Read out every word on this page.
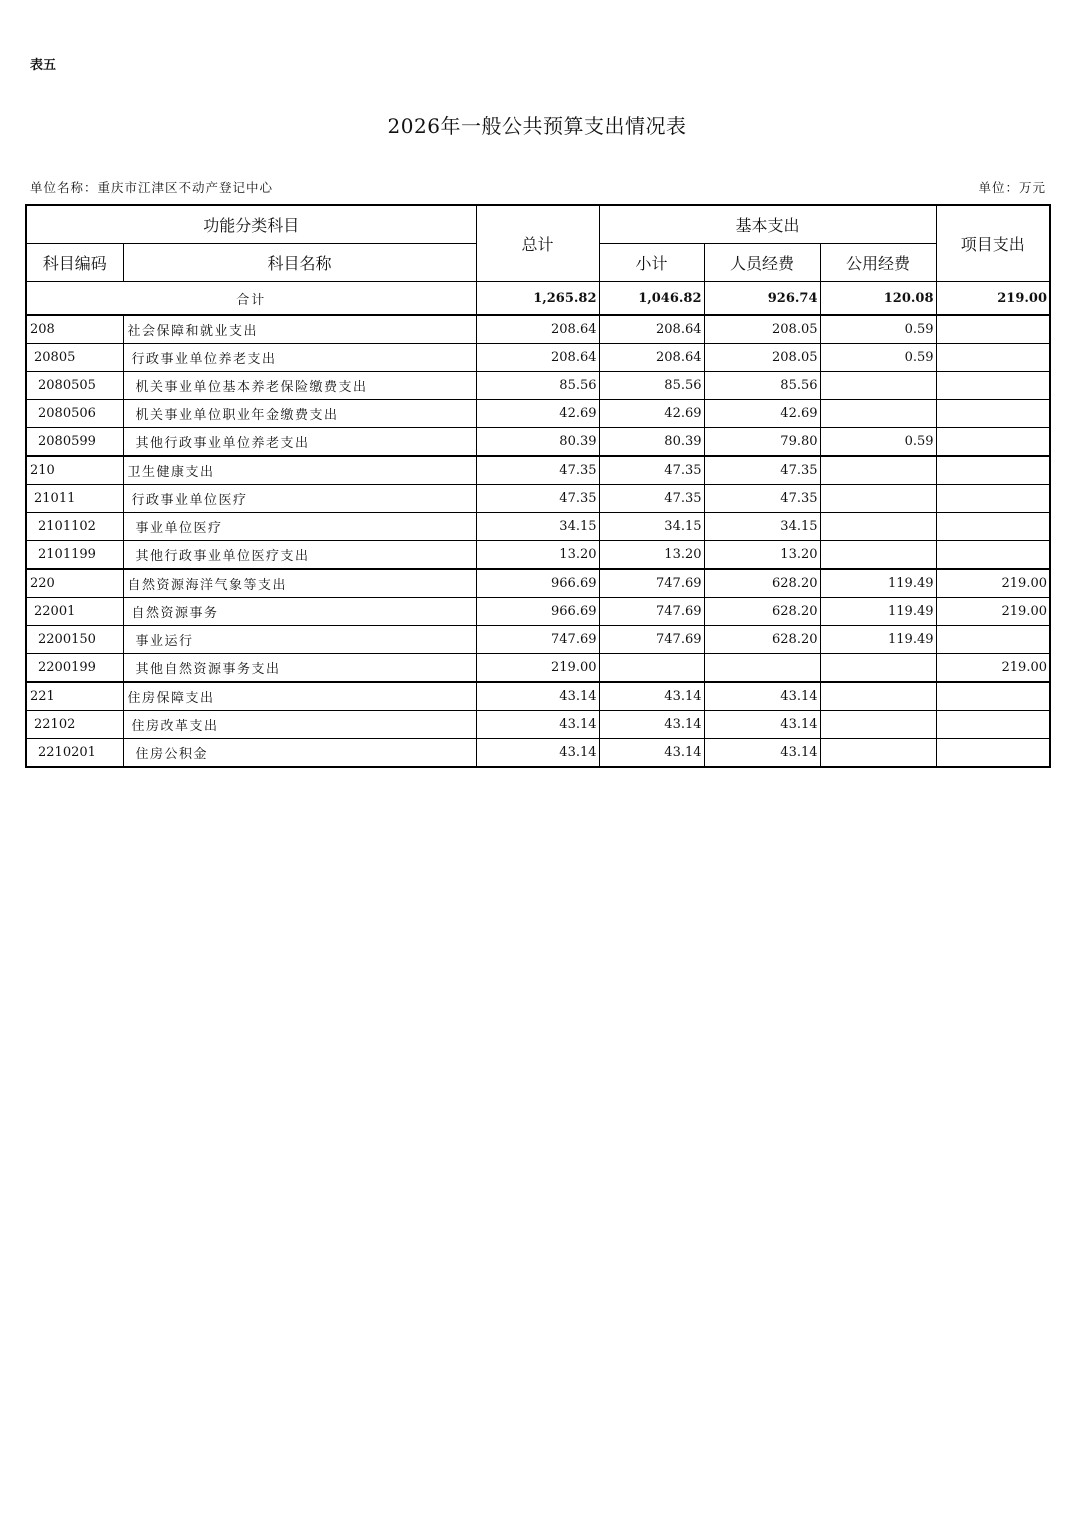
表五
2026年一般公共预算支出情况表
单位名称：重庆市江津区不动产登记中心	单位：万元
功能分类科目		总计	基本支出			项目支出
科目编码	科目名称		小计	人员经费	公用经费	
合计		1,265.82	1,046.82	926.74	120.08	219.00
208	社会保障和就业支出	208.64	208.64	208.05	0.59	
20805	行政事业单位养老支出	208.64	208.64	208.05	0.59	
2080505	机关事业单位基本养老保险缴费支出	85.56	85.56	85.56		
2080506	机关事业单位职业年金缴费支出	42.69	42.69	42.69		
2080599	其他行政事业单位养老支出	80.39	80.39	79.80	0.59	
210	卫生健康支出	47.35	47.35	47.35		
21011	行政事业单位医疗	47.35	47.35	47.35		
2101102	事业单位医疗	34.15	34.15	34.15		
2101199	其他行政事业单位医疗支出	13.20	13.20	13.20		
220	自然资源海洋气象等支出	966.69	747.69	628.20	119.49	219.00
22001	自然资源事务	966.69	747.69	628.20	119.49	219.00
2200150	事业运行	747.69	747.69	628.20	119.49	
2200199	其他自然资源事务支出	219.00				219.00
221	住房保障支出	43.14	43.14	43.14		
22102	住房改革支出	43.14	43.14	43.14		
2210201	住房公积金	43.14	43.14	43.14		
